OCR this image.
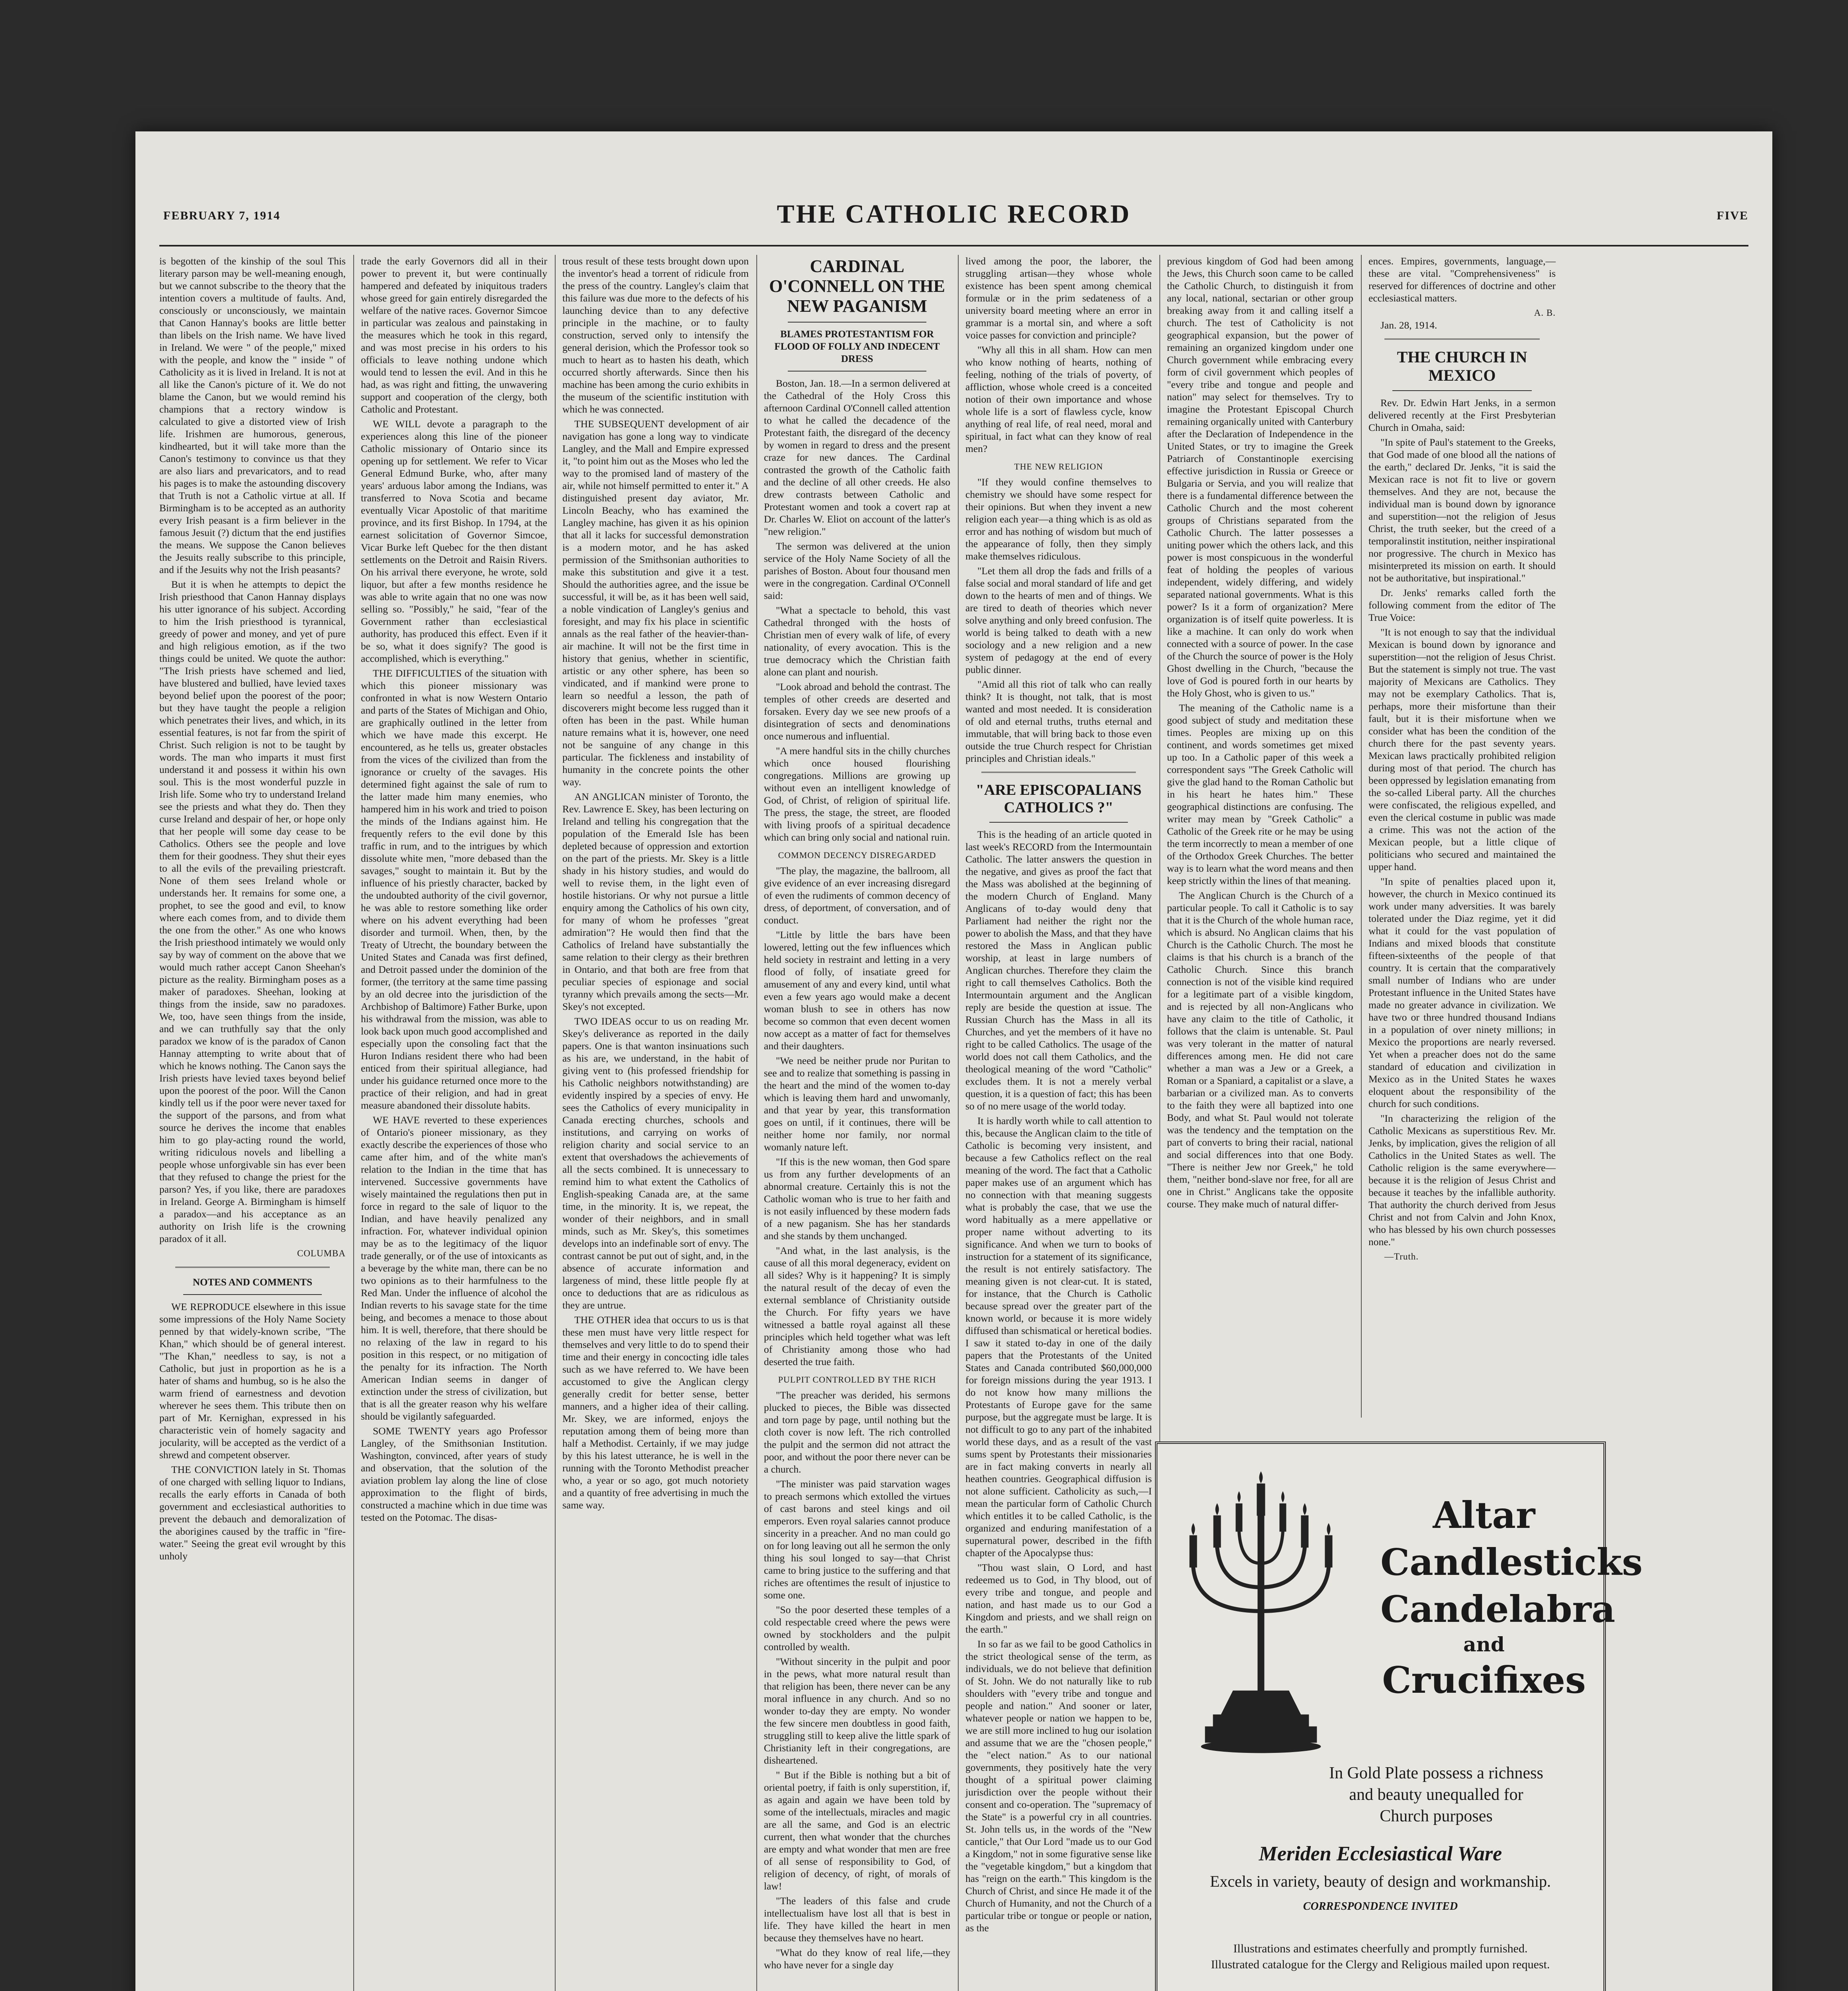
FEBRUARY 7, 1914	THE CATHOLIC RECORD	FIVE

is begotten of the kinship of the soul This literary parson may be well-meaning enough, but we cannot subscribe to the theory that the intention covers a multitude of faults. And, consciously or unconsciously, we maintain that Canon Hannay's books are little better than libels on the Irish name. We have lived in Ireland. We were " of the people," mixed with the people, and know the " inside " of Catholicity as it is lived in Ireland. It is not at all like the Canon's picture of it. We do not blame the Canon, but we would remind his champions that a rectory window is calculated to give a distorted view of Irish life. Irishmen are humorous, generous, kindhearted, but it will take more than the Canon's testimony to convince us that they are also liars and prevaricators, and to read his pages is to make the astounding discovery that Truth is not a Catholic virtue at all. If Birmingham is to be accepted as an authority every Irish peasant is a firm believer in the famous Jesuit (?) dictum that the end justifies the means. We suppose the Canon believes the Jesuits really subscribe to this principle, and if the Jesuits why not the Irish peasants?

But it is when he attempts to depict the Irish priesthood that Canon Hannay displays his utter ignorance of his subject. According to him the Irish priesthood is tyrannical, greedy of power and money, and yet of pure and high religious emotion, as if the two things could be united. We quote the author: "The Irish priests have schemed and lied, have blustered and bullied, have levied taxes beyond belief upon the poorest of the poor; but they have taught the people a religion which penetrates their lives, and which, in its essential features, is not far from the spirit of Christ. Such religion is not to be taught by words. The man who imparts it must first understand it and possess it within his own soul. This is the most wonderful puzzle in Irish life. Some who try to understand Ireland see the priests and what they do. Then they curse Ireland and despair of her, or hope only that her people will some day cease to be Catholics. Others see the people and love them for their goodness. They shut their eyes to all the evils of the prevailing priestcraft. None of them sees Ireland whole or understands her. It remains for some one, a prophet, to see the good and evil, to know where each comes from, and to divide them the one from the other." As one who knows the Irish priesthood intimately we would only say by way of comment on the above that we would much rather accept Canon Sheehan's picture as the reality. Birmingham poses as a maker of paradoxes. Sheehan, looking at things from the inside, saw no paradoxes. We, too, have seen things from the inside, and we can truthfully say that the only paradox we know of is the paradox of Canon Hannay attempting to write about that of which he knows nothing. The Canon says the Irish priests have levied taxes beyond belief upon the poorest of the poor. Will the Canon kindly tell us if the poor were never taxed for the support of the parsons, and from what source he derives the income that enables him to go play-acting round the world, writing ridiculous novels and libelling a people whose unforgivable sin has ever been that they refused to change the priest for the parson? Yes, if you like, there are paradoxes in Ireland. George A. Birmingham is himself a paradox—and his acceptance as an authority on Irish life is the crowning paradox of it all.

COLUMBA
NOTES AND COMMENTS

WE REPRODUCE elsewhere in this issue some impressions of the Holy Name Society penned by that widely-known scribe, "The Khan," which should be of general interest. "The Khan," needless to say, is not a Catholic, but just in proportion as he is a hater of shams and humbug, so is he also the warm friend of earnestness and devotion wherever he sees them. This tribute then on part of Mr. Kernighan, expressed in his characteristic vein of homely sagacity and jocularity, will be accepted as the verdict of a shrewd and competent observer.

THE CONVICTION lately in St. Thomas of one charged with selling liquor to Indians, recalls the early efforts in Canada of both government and ecclesiastical authorities to prevent the debauch and demoralization of the aborigines caused by the traffic in "fire-water." Seeing the great evil wrought by this unholy

trade the early Governors did all in their power to prevent it, but were continually hampered and defeated by iniquitous traders whose greed for gain entirely disregarded the welfare of the native races. Governor Simcoe in particular was zealous and painstaking in the measures which he took in this regard, and was most precise in his orders to his officials to leave nothing undone which would tend to lessen the evil. And in this he had, as was right and fitting, the unwavering support and cooperation of the clergy, both Catholic and Protestant.

WE WILL devote a paragraph to the experiences along this line of the pioneer Catholic missionary of Ontario since its opening up for settlement. We refer to Vicar General Edmund Burke, who, after many years' arduous labor among the Indians, was transferred to Nova Scotia and became eventually Vicar Apostolic of that maritime province, and its first Bishop. In 1794, at the earnest solicitation of Governor Simcoe, Vicar Burke left Quebec for the then distant settlements on the Detroit and Raisin Rivers. On his arrival there everyone, he wrote, sold liquor, but after a few months residence he was able to write again that no one was now selling so. "Possibly," he said, "fear of the Government rather than ecclesiastical authority, has produced this effect. Even if it be so, what it does signify? The good is accomplished, which is everything."

THE DIFFICULTIES of the situation with which this pioneer missionary was confronted in what is now Western Ontario and parts of the States of Michigan and Ohio, are graphically outlined in the letter from which we have made this excerpt. He encountered, as he tells us, greater obstacles from the vices of the civilized than from the ignorance or cruelty of the savages. His determined fight against the sale of rum to the latter made him many enemies, who hampered him in his work and tried to poison the minds of the Indians against him. He frequently refers to the evil done by this traffic in rum, and to the intrigues by which dissolute white men, "more debased than the savages," sought to maintain it. But by the influence of his priestly character, backed by the undoubted authority of the civil governor, he was able to restore something like order where on his advent everything had been disorder and turmoil. When, then, by the Treaty of Utrecht, the boundary between the United States and Canada was first defined, and Detroit passed under the dominion of the former, (the territory at the same time passing by an old decree into the jurisdiction of the Archbishop of Baltimore) Father Burke, upon his withdrawal from the mission, was able to look back upon much good accomplished and especially upon the consoling fact that the Huron Indians resident there who had been enticed from their spiritual allegiance, had under his guidance returned once more to the practice of their religion, and had in great measure abandoned their dissolute habits.

WE HAVE reverted to these experiences of Ontario's pioneer missionary, as they exactly describe the experiences of those who came after him, and of the white man's relation to the Indian in the time that has intervened. Successive governments have wisely maintained the regulations then put in force in regard to the sale of liquor to the Indian, and have heavily penalized any infraction. For, whatever individual opinion may be as to the legitimacy of the liquor trade generally, or of the use of intoxicants as a beverage by the white man, there can be no two opinions as to their harmfulness to the Red Man. Under the influence of alcohol the Indian reverts to his savage state for the time being, and becomes a menace to those about him. It is well, therefore, that there should be no relaxing of the law in regard to his position in this respect, or no mitigation of the penalty for its infraction. The North American Indian seems in danger of extinction under the stress of civilization, but that is all the greater reason why his welfare should be vigilantly safeguarded.

SOME TWENTY years ago Professor Langley, of the Smithsonian Institution. Washington, convinced, after years of study and observation, that the solution of the aviation problem lay along the line of close approximation to the flight of birds, constructed a machine which in due time was tested on the Potomac. The disas-

trous result of these tests brought down upon the inventor's head a torrent of ridicule from the press of the country. Langley's claim that this failure was due more to the defects of his launching device than to any defective principle in the machine, or to faulty construction, served only to intensify the general derision, which the Professor took so much to heart as to hasten his death, which occurred shortly afterwards. Since then his machine has been among the curio exhibits in the museum of the scientific institution with which he was connected.

THE SUBSEQUENT development of air navigation has gone a long way to vindicate Langley, and the Mall and Empire expressed it, "to point him out as the Moses who led the way to the promised land of mastery of the air, while not himself permitted to enter it." A distinguished present day aviator, Mr. Lincoln Beachy, who has examined the Langley machine, has given it as his opinion that all it lacks for successful demonstration is a modern motor, and he has asked permission of the Smithsonian authorities to make this substitution and give it a test. Should the authorities agree, and the issue be successful, it will be, as it has been well said, a noble vindication of Langley's genius and foresight, and may fix his place in scientific annals as the real father of the heavier-than-air machine. It will not be the first time in history that genius, whether in scientific, artistic or any other sphere, has been so vindicated, and if mankind were prone to learn so needful a lesson, the path of discoverers might become less rugged than it often has been in the past. While human nature remains what it is, however, one need not be sanguine of any change in this particular. The fickleness and instability of humanity in the concrete points the other way.

AN ANGLICAN minister of Toronto, the Rev. Lawrence E. Skey, has been lecturing on Ireland and telling his congregation that the population of the Emerald Isle has been depleted because of oppression and extortion on the part of the priests. Mr. Skey is a little shady in his history studies, and would do well to revise them, in the light even of hostile historians. Or why not pursue a little enquiry among the Catholics of his own city, for many of whom he professes "great admiration"? He would then find that the Catholics of Ireland have substantially the same relation to their clergy as their brethren in Ontario, and that both are free from that peculiar species of espionage and social tyranny which prevails among the sects—Mr. Skey's not excepted.

TWO IDEAS occur to us on reading Mr. Skey's deliverance as reported in the daily papers. One is that wanton insinuations such as his are, we understand, in the habit of giving vent to (his professed friendship for his Catholic neighbors notwithstanding) are evidently inspired by a species of envy. He sees the Catholics of every municipality in Canada erecting churches, schools and institutions, and carrying on works of religion charity and social service to an extent that overshadows the achievements of all the sects combined. It is unnecessary to remind him to what extent the Catholics of English-speaking Canada are, at the same time, in the minority. It is, we repeat, the wonder of their neighbors, and in small minds, such as Mr. Skey's, this sometimes develops into an indefinable sort of envy. The contrast cannot be put out of sight, and, in the absence of accurate information and largeness of mind, these little people fly at once to deductions that are as ridiculous as they are untrue.

THE OTHER idea that occurs to us is that these men must have very little respect for themselves and very little to do to spend their time and their energy in concocting idle tales such as we have referred to. We have been accustomed to give the Anglican clergy generally credit for better sense, better manners, and a higher idea of their calling. Mr. Skey, we are informed, enjoys the reputation among them of being more than half a Methodist. Certainly, if we may judge by this his latest utterance, he is well in the running with the Toronto Methodist preacher who, a year or so ago, got much notoriety and a quantity of free advertising in much the same way.

CARDINAL O'CONNELL ON THE NEW PAGANISM
BLAMES PROTESTANTISM FOR FLOOD OF FOLLY AND INDECENT DRESS

Boston, Jan. 18.—In a sermon delivered at the Cathedral of the Holy Cross this afternoon Cardinal O'Connell called attention to what he called the decadence of the Protestant faith, the disregard of the decency by women in regard to dress and the present craze for new dances. The Cardinal contrasted the growth of the Catholic faith and the decline of all other creeds. He also drew contrasts between Catholic and Protestant women and took a covert rap at Dr. Charles W. Eliot on account of the latter's "new religion."

The sermon was delivered at the union service of the Holy Name Society of all the parishes of Boston. About four thousand men were in the congregation. Cardinal O'Connell said:

"What a spectacle to behold, this vast Cathedral thronged with the hosts of Christian men of every walk of life, of every nationality, of every avocation. This is the true democracy which the Christian faith alone can plant and nourish.

"Look abroad and behold the contrast. The temples of other creeds are deserted and forsaken. Every day we see new proofs of a disintegration of sects and denominations once numerous and influential.

"A mere handful sits in the chilly churches which once housed flourishing congregations. Millions are growing up without even an intelligent knowledge of God, of Christ, of religion of spiritual life. The press, the stage, the street, are flooded with living proofs of a spiritual decadence which can bring only social and national ruin.

COMMON DECENCY DISREGARDED

"The play, the magazine, the ballroom, all give evidence of an ever increasing disregard of even the rudiments of common decency of dress, of deportment, of conversation, and of conduct.

"Little by little the bars have been lowered, letting out the few influences which held society in restraint and letting in a very flood of folly, of insatiate greed for amusement of any and every kind, until what even a few years ago would make a decent woman blush to see in others has now become so common that even decent women now accept as a matter of fact for themselves and their daughters.

"We need be neither prude nor Puritan to see and to realize that something is passing in the heart and the mind of the women to-day which is leaving them hard and unwomanly, and that year by year, this transformation goes on until, if it continues, there will be neither home nor family, nor normal womanly nature left.

"If this is the new woman, then God spare us from any further developments of an abnormal creature. Certainly this is not the Catholic woman who is true to her faith and is not easily influenced by these modern fads of a new paganism. She has her standards and she stands by them unchanged.

"And what, in the last analysis, is the cause of all this moral degeneracy, evident on all sides? Why is it happening? It is simply the natural result of the decay of even the external semblance of Christianity outside the Church. For fifty years we have witnessed a battle royal against all these principles which held together what was left of Christianity among those who had deserted the true faith.

PULPIT CONTROLLED BY THE RICH

"The preacher was derided, his sermons plucked to pieces, the Bible was dissected and torn page by page, until nothing but the cloth cover is now left. The rich controlled the pulpit and the sermon did not attract the poor, and without the poor there never can be a church.

"The minister was paid starvation wages to preach sermons which extolled the virtues of cast barons and steel kings and oil emperors. Even royal salaries cannot produce sincerity in a preacher. And no man could go on for long leaving out all he sermon the only thing his soul longed to say—that Christ came to bring justice to the suffering and that riches are oftentimes the result of injustice to some one.

"So the poor deserted these temples of a cold respectable creed where the pews were owned by stockholders and the pulpit controlled by wealth.

"Without sincerity in the pulpit and poor in the pews, what more natural result than that religion has been, there never can be any moral influence in any church. And so no wonder to-day they are empty. No wonder the few sincere men doubtless in good faith, struggling still to keep alive the little spark of Christianity left in their congregations, are disheartened.

" But if the Bible is nothing but a bit of oriental poetry, if faith is only superstition, if, as again and again we have been told by some of the intellectuals, miracles and magic are all the same, and God is an electric current, then what wonder that the churches are empty and what wonder that men are free of all sense of responsibility to God, of religion of decency, of right, of morals of law!

"The leaders of this false and crude intellectualism have lost all that is best in life. They have killed the heart in men because they themselves have no heart.

"What do they know of real life,—they who have never for a single day

lived among the poor, the laborer, the struggling artisan—they whose whole existence has been spent among chemical formulæ or in the prim sedateness of a university board meeting where an error in grammar is a mortal sin, and where a soft voice passes for conviction and principle?

"Why all this in all sham. How can men who know nothing of hearts, nothing of feeling, nothing of the trials of poverty, of affliction, whose whole creed is a conceited notion of their own importance and whose whole life is a sort of flawless cycle, know anything of real life, of real need, moral and spiritual, in fact what can they know of real men?

THE NEW RELIGION

"If they would confine themselves to chemistry we should have some respect for their opinions. But when they invent a new religion each year—a thing which is as old as error and has nothing of wisdom but much of the appearance of folly, then they simply make themselves ridiculous.

"Let them all drop the fads and frills of a false social and moral standard of life and get down to the hearts of men and of things. We are tired to death of theories which never solve anything and only breed confusion. The world is being talked to death with a new sociology and a new religion and a new system of pedagogy at the end of every public dinner.

"Amid all this riot of talk who can really think? It is thought, not talk, that is most wanted and most needed. It is consideration of old and eternal truths, truths eternal and immutable, that will bring back to those even outside the true Church respect for Christian principles and Christian ideals."

"ARE EPISCOPALIANS CATHOLICS ?"

This is the heading of an article quoted in last week's RECORD from the Intermountain Catholic. The latter answers the question in the negative, and gives as proof the fact that the Mass was abolished at the beginning of the modern Church of England. Many Anglicans of to-day would deny that Parliament had neither the right nor the power to abolish the Mass, and that they have restored the Mass in Anglican public worship, at least in large numbers of Anglican churches. Therefore they claim the right to call themselves Catholics. Both the Intermountain argument and the Anglican reply are beside the question at issue. The Russian Church has the Mass in all its Churches, and yet the members of it have no right to be called Catholics. The usage of the world does not call them Catholics, and the theological meaning of the word "Catholic" excludes them. It is not a merely verbal question, it is a question of fact; this has been so of no mere usage of the world today.

It is hardly worth while to call attention to this, because the Anglican claim to the title of Catholic is becoming very insistent, and because a few Catholics reflect on the real meaning of the word. The fact that a Catholic paper makes use of an argument which has no connection with that meaning suggests what is probably the case, that we use the word habitually as a mere appellative or proper name without adverting to its significance. And when we turn to books of instruction for a statement of its significance, the result is not entirely satisfactory. The meaning given is not clear-cut. It is stated, for instance, that the Church is Catholic because spread over the greater part of the known world, or because it is more widely diffused than schismatical or heretical bodies. I saw it stated to-day in one of the daily papers that the Protestants of the United States and Canada contributed $60,000,000 for foreign missions during the year 1913. I do not know how many millions the Protestants of Europe gave for the same purpose, but the aggregate must be large. It is not difficult to go to any part of the inhabited world these days, and as a result of the vast sums spent by Protestants their missionaries are in fact making converts in nearly all heathen countries. Geographical diffusion is not alone sufficient. Catholicity as such,—I mean the particular form of Catholic Church which entitles it to be called Catholic, is the organized and enduring manifestation of a supernatural power, described in the fifth chapter of the Apocalypse thus:

"Thou wast slain, O Lord, and hast redeemed us to God, in Thy blood, out of every tribe and tongue, and people and nation, and hast made us to our God a Kingdom and priests, and we shall reign on the earth."

In so far as we fail to be good Catholics in the strict theological sense of the term, as individuals, we do not believe that definition of St. John. We do not naturally like to rub shoulders with "every tribe and tongue and people and nation." And sooner or later, whatever people or nation we happen to be, we are still more inclined to hug our isolation and assume that we are the "chosen people," the "elect nation." As to our national governments, they positively hate the very thought of a spiritual power claiming jurisdiction over the people without their consent and co-operation. The "supremacy of the State" is a powerful cry in all countries. St. John tells us, in the words of the "New canticle," that Our Lord "made us to our God a Kingdom," not in some figurative sense like the "vegetable kingdom," but a kingdom that has "reign on the earth." This kingdom is the Church of Christ, and since He made it of the Church of Humanity, and not the Church of a particular tribe or tongue or people or nation, as the

previous kingdom of God had been among the Jews, this Church soon came to be called the Catholic Church, to distinguish it from any local, national, sectarian or other group breaking away from it and calling itself a church. The test of Catholicity is not geographical expansion, but the power of remaining an organized kingdom under one Church government while embracing every form of civil government which peoples of "every tribe and tongue and people and nation" may select for themselves. Try to imagine the Protestant Episcopal Church remaining organically united with Canterbury after the Declaration of Independence in the United States, or try to imagine the Greek Patriarch of Constantinople exercising effective jurisdiction in Russia or Greece or Bulgaria or Servia, and you will realize that there is a fundamental difference between the Catholic Church and the most coherent groups of Christians separated from the Catholic Church. The latter possesses a uniting power which the others lack, and this power is most conspicuous in the wonderful feat of holding the peoples of various independent, widely differing, and widely separated national governments. What is this power? Is it a form of organization? Mere organization is of itself quite powerless. It is like a machine. It can only do work when connected with a source of power. In the case of the Church the source of power is the Holy Ghost dwelling in the Church, "because the love of God is poured forth in our hearts by the Holy Ghost, who is given to us."

The meaning of the Catholic name is a good subject of study and meditation these times. Peoples are mixing up on this continent, and words sometimes get mixed up too. In a Catholic paper of this week a correspondent says "The Greek Catholic will give the glad hand to the Roman Catholic but in his heart he hates him." These geographical distinctions are confusing. The writer may mean by "Greek Catholic" a Catholic of the Greek rite or he may be using the term incorrectly to mean a member of one of the Orthodox Greek Churches. The better way is to learn what the word means and then keep strictly within the lines of that meaning.

The Anglican Church is the Church of a particular people. To call it Catholic is to say that it is the Church of the whole human race, which is absurd. No Anglican claims that his Church is the Catholic Church. The most he claims is that his church is a branch of the Catholic Church. Since this branch connection is not of the visible kind required for a legitimate part of a visible kingdom, and is rejected by all non-Anglicans who have any claim to the title of Catholic, it follows that the claim is untenable. St. Paul was very tolerant in the matter of natural differences among men. He did not care whether a man was a Jew or a Greek, a Roman or a Spaniard, a capitalist or a slave, a barbarian or a civilized man. As to converts to the faith they were all baptized into one Body, and what St. Paul would not tolerate was the tendency and the temptation on the part of converts to bring their racial, national and social differences into that one Body. "There is neither Jew nor Greek," he told them, "neither bond-slave nor free, for all are one in Christ." Anglicans take the opposite course. They make much of natural differ-

ences. Empires, governments, language,—these are vital. "Comprehensiveness" is reserved for differences of doctrine and other ecclesiastical matters.

A. B.

Jan. 28, 1914.

THE CHURCH IN MEXICO

Rev. Dr. Edwin Hart Jenks, in a sermon delivered recently at the First Presbyterian Church in Omaha, said:

"In spite of Paul's statement to the Greeks, that God made of one blood all the nations of the earth," declared Dr. Jenks, "it is said the Mexican race is not fit to live or govern themselves. And they are not, because the individual man is bound down by ignorance and superstition—not the religion of Jesus Christ, the truth seeker, but the creed of a temporalinstit institution, neither inspirational nor progressive. The church in Mexico has misinterpreted its mission on earth. It should not be authoritative, but inspirational."

Dr. Jenks' remarks called forth the following comment from the editor of The True Voice:

"It is not enough to say that the individual Mexican is bound down by ignorance and superstition—not the religion of Jesus Christ. But the statement is simply not true. The vast majority of Mexicans are Catholics. They may not be exemplary Catholics. That is, perhaps, more their misfortune than their fault, but it is their misfortune when we consider what has been the condition of the church there for the past seventy years. Mexican laws practically prohibited religion during most of that period. The church has been oppressed by legislation emanating from the so-called Liberal party. All the churches were confiscated, the religious expelled, and even the clerical costume in public was made a crime. This was not the action of the Mexican people, but a little clique of politicians who secured and maintained the upper hand.

"In spite of penalties placed upon it, however, the church in Mexico continued its work under many adversities. It was barely tolerated under the Diaz regime, yet it did what it could for the vast population of Indians and mixed bloods that constitute fifteen-sixteenths of the people of that country. It is certain that the comparatively small number of Indians who are under Protestant influence in the United States have made no greater advance in civilization. We have two or three hundred thousand Indians in a population of over ninety millions; in Mexico the proportions are nearly reversed. Yet when a preacher does not do the same standard of education and civilization in Mexico as in the United States he waxes eloquent about the responsibility of the church for such conditions.

"In characterizing the religion of the Catholic Mexicans as superstitious Rev. Mr. Jenks, by implication, gives the religion of all Catholics in the United States as well. The Catholic religion is the same everywhere—because it is the religion of Jesus Christ and because it teaches by the infallible authority. That authority the church derived from Jesus Christ and not from Calvin and John Knox, who has blessed by his own church possesses none."

—Truth.
Altar
Candlesticks
Candelabra
and
Crucifixes
In Gold Plate possess a richness
and beauty unequalled for
Church purposes
Meriden Ecclesiastical Ware
Excels in variety, beauty of design and workmanship.
CORRESPONDENCE INVITED
Illustrations and estimates cheerfully and promptly furnished.
Illustrated catalogue for the Clergy and Religious mailed upon request.
